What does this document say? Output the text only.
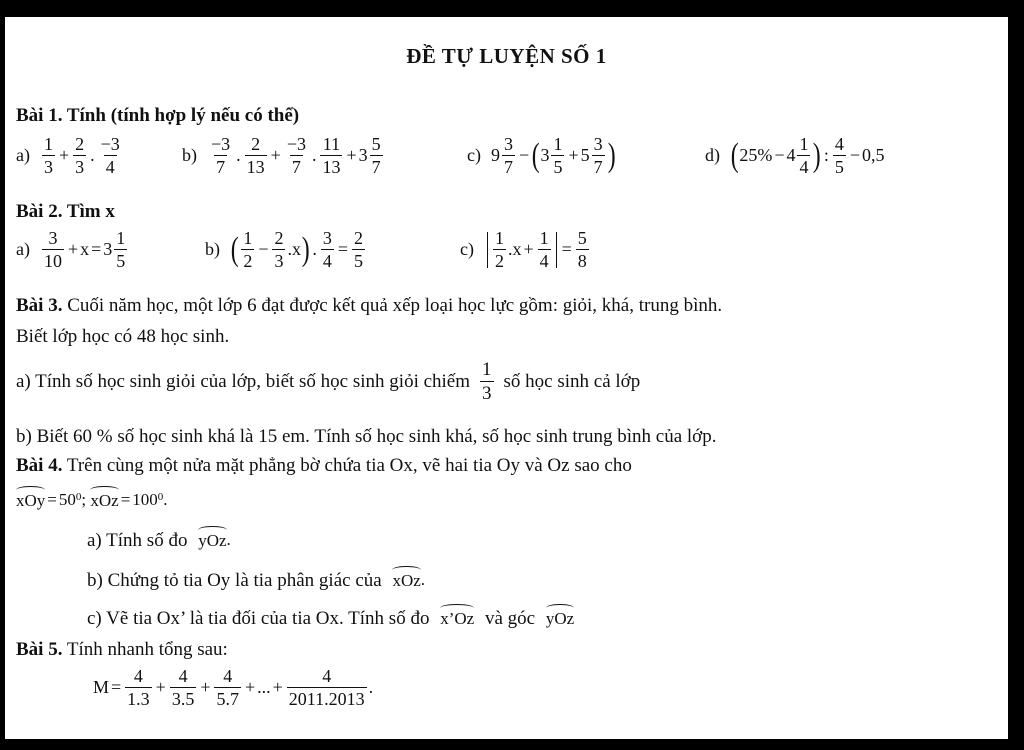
ĐỀ TỰ LUYỆN SỐ 1
Bài 1. Tính (tính hợp lý nếu có thể)
$a) \frac{1}{3} + \frac{2}{3}$ . $\frac{-3}{4}$	$b) \frac{-3}{7}$ . $\frac{2}{13} + \frac{-3}{7}$ . $\frac{11}{13} + 3 \frac{5}{7}$	c) $9 \frac{3}{7}$ − ( $3 \frac{1}{5} + 5 \frac{3}{7}$ )	d) ( $25\% - 4 \frac{1}{4}$ ) : $\frac{4}{5} - 0,5$
Bài 2. Tìm x
$a) \frac{3}{10} + x = 3 \frac{1}{5}$	b) ( $\frac{1}{2} - \frac{2}{3} .x$ ) . $\frac{3}{4} = \frac{2}{5}$	$c) \frac{1}{2} .x + \frac{1}{4} = \frac{5}{8}$
Bài 3. Cuối năm học, một lớp 6 đạt được kết quả xếp loại học lực gồm: giỏi, khá, trung bình.
Biết lớp học có 48 học sinh.
a) Tính số học sinh giỏi của lớp, biết số học sinh giỏi chiếm $\frac{1}{3}$ số học sinh cả lớp
b) Biết 60 % số học sinh khá là 15 em. Tính số học sinh khá, số học sinh trung bình của lớp.
Bài 4. Trên cùng một nửa mặt phẳng bờ chứa tia Ox, vẽ hai tia Oy và Oz sao cho
xOy = 50 0 ; xOz = 100 0 .
a) Tính số đo yOz .
b) Chứng tỏ tia Oy là tia phân giác của xOz .
c) Vẽ tia Ox’ là tia đối của tia Ox. Tính số đo x’Oz và góc yOz
Bài 5. Tính nhanh tổng sau:
$M = \frac{4}{1.3} + \frac{4}{3.5} + \frac{4}{5.7}$ + ... + $\frac{4}{2011.2013}$ .
